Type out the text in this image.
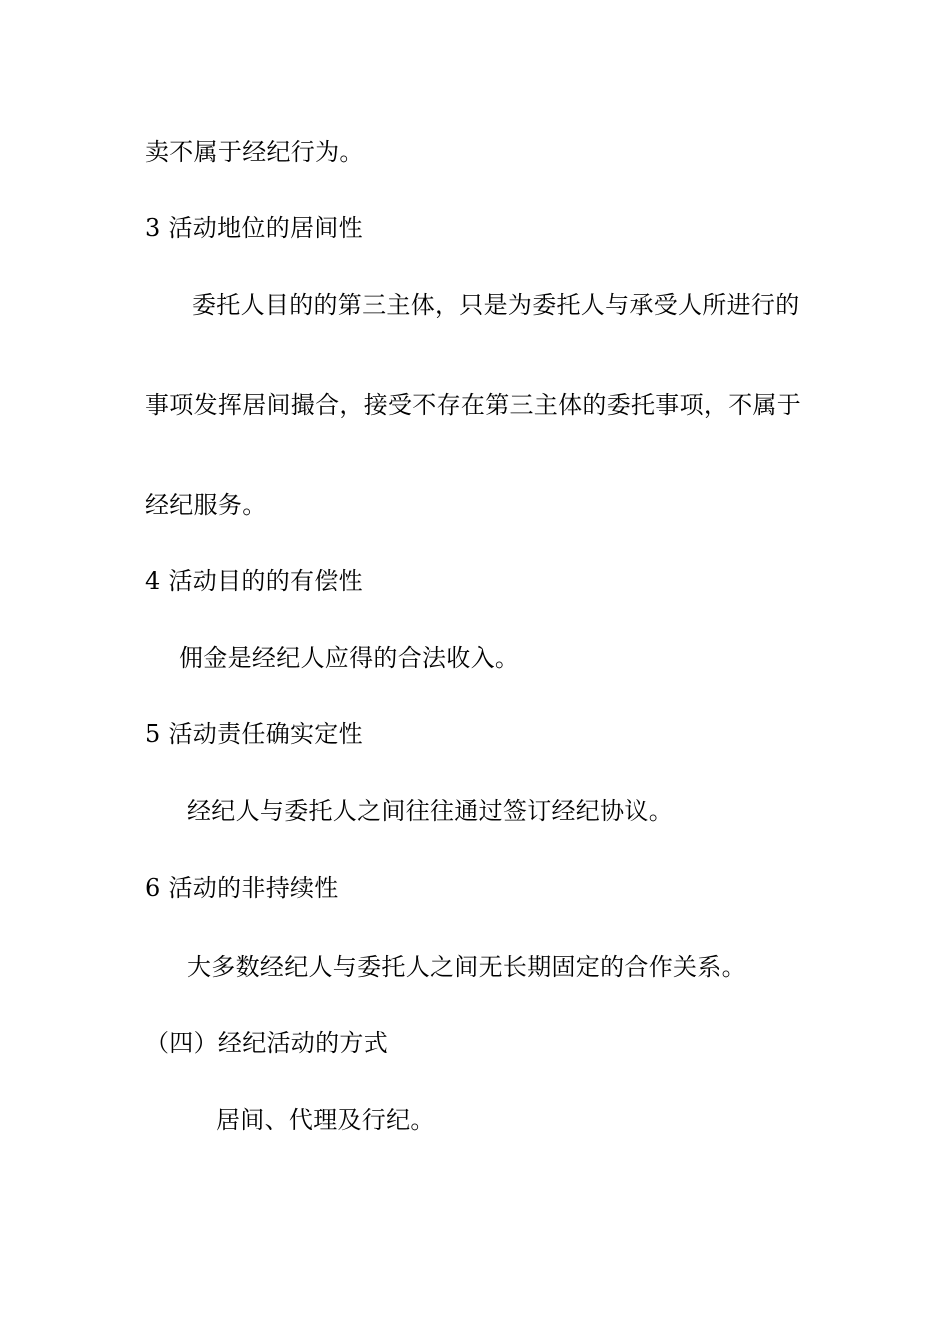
卖不属于经纪行为。
3 活动地位的居间性
委托人目的的第三主体，只是为委托人与承受人所进行的
事项发挥居间撮合，接受不存在第三主体的委托事项，不属于
经纪服务。
4 活动目的的有偿性
佣金是经纪人应得的合法收入。
5 活动责任确实定性
经纪人与委托人之间往往通过签订经纪协议。
6 活动的非持续性
大多数经纪人与委托人之间无长期固定的合作关系。
（四）经纪活动的方式
居间、代理及行纪。
